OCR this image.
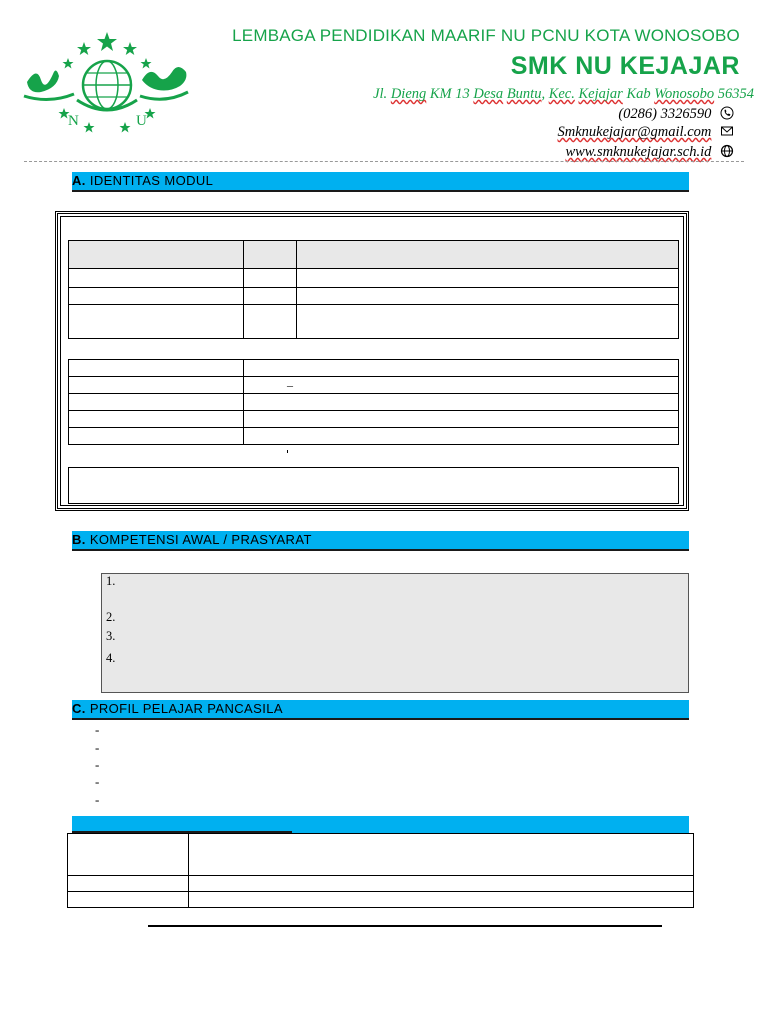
N	U
LEMBAGA PENDIDIKAN MAARIF NU PCNU KOTA WONOSOBO
SMK NU KEJAJAR
Jl. Dieng KM 13 Desa Buntu, Kec. Kejajar Kab Wonosobo 56354
(0286) 3326590
Smknukejajar@gmail.com
www.smknukejajar.sch.id
A. IDENTITAS MODUL

–
B. KOMPETENSI AWAL / PRASYARAT
1.
2.
3.
4.
C. PROFIL PELAJAR PANCASILA
-
-
-
-
-
